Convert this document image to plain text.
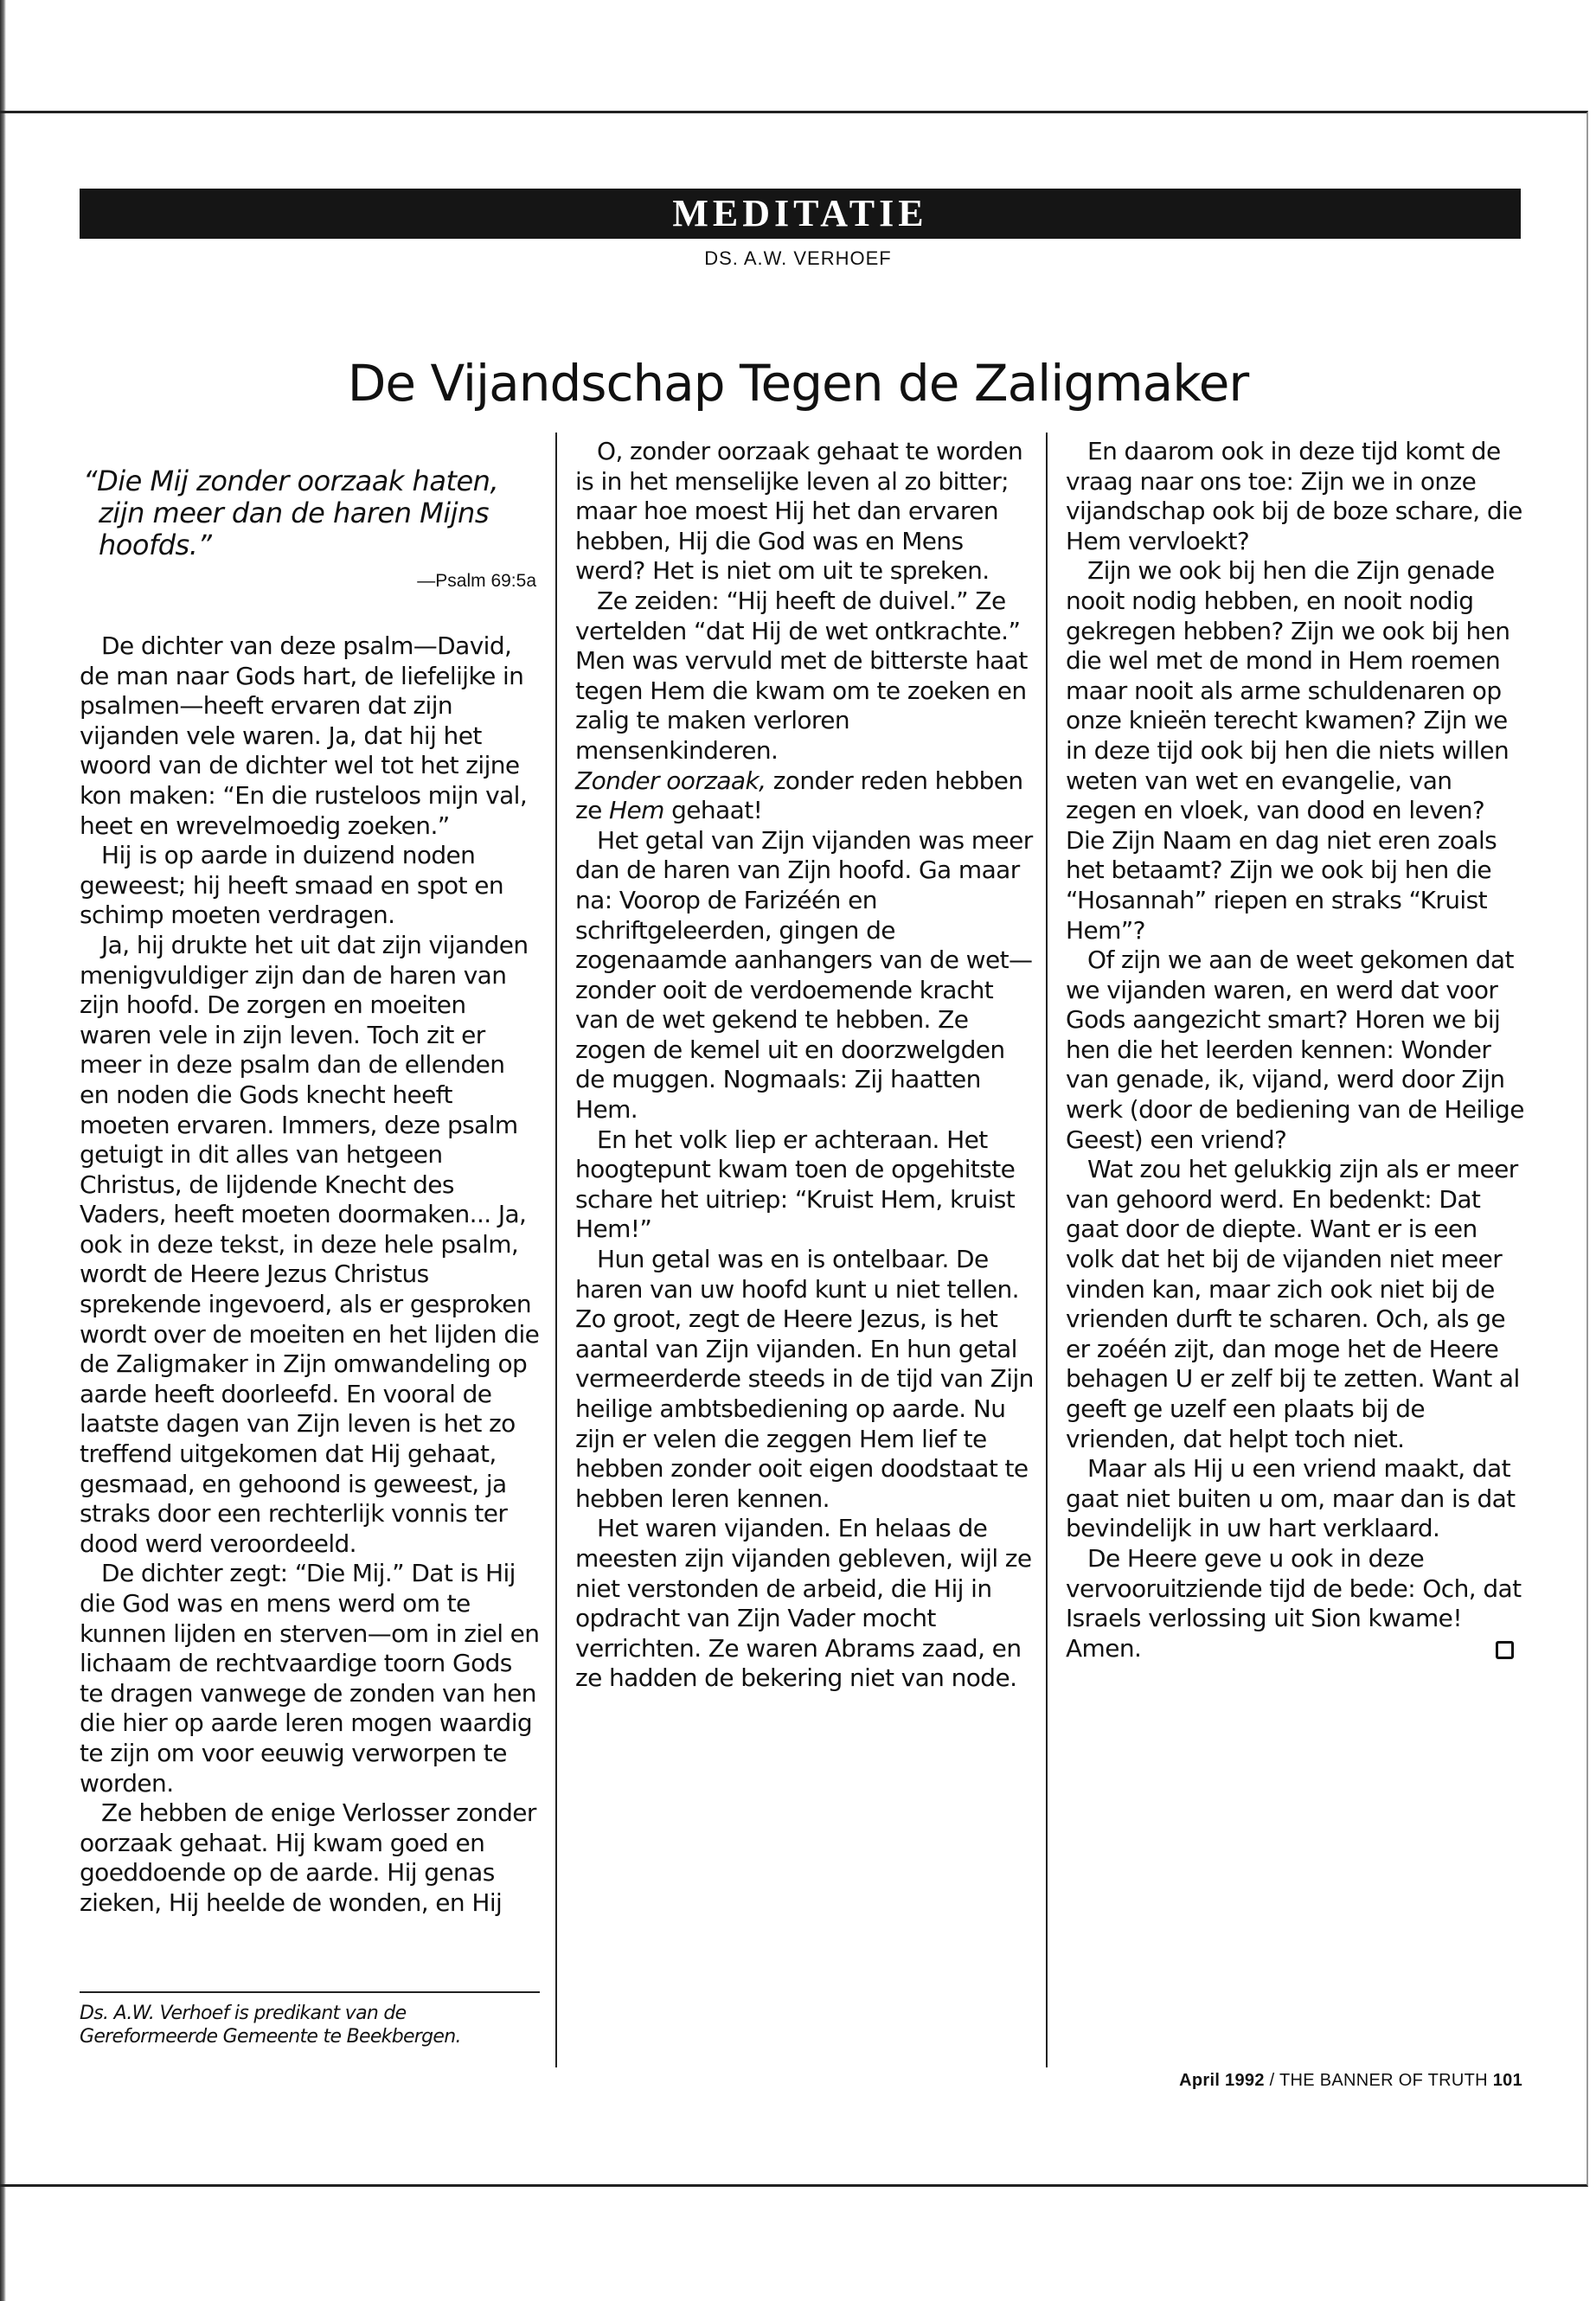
MEDITATIE
DS. A.W. VERHOEF
De Vijandschap Tegen de Zaligmaker
“Die Mij zonder oorzaak haten,
zijn meer dan de haren Mijns
hoofds.”
—Psalm 69:5a

De dichter van deze psalm—David, de man naar Gods hart, de liefelijke in psalmen—heeft ervaren dat zijn vijanden vele waren. Ja, dat hij het woord van de dichter wel tot het zijne kon maken: “En die rusteloos mijn val, heet en wrevelmoedig zoeken.”

Hij is op aarde in duizend noden geweest; hij heeft smaad en spot en schimp moeten verdragen.

Ja, hij drukte het uit dat zijn vijanden menigvuldiger zijn dan de haren van zijn hoofd. De zorgen en moeiten waren vele in zijn leven. Toch zit er meer in deze psalm dan de ellenden en noden die Gods knecht heeft moeten ervaren. Immers, deze psalm getuigt in dit alles van hetgeen Christus, de lijdende Knecht des Vaders, heeft moeten doormaken... Ja, ook in deze tekst, in deze hele psalm, wordt de Heere Jezus Christus sprekende ingevoerd, als er gesproken wordt over de moeiten en het lijden die de Zaligmaker in Zijn omwandeling op aarde heeft doorleefd. En vooral de laatste dagen van Zijn leven is het zo treffend uitgekomen dat Hij gehaat, gesmaad, en gehoond is geweest, ja straks door een rechterlijk vonnis ter dood werd veroordeeld.

De dichter zegt: “Die Mij.” Dat is Hij die God was en mens werd om te kunnen lijden en sterven—om in ziel en lichaam de rechtvaardige toorn Gods te dragen vanwege de zonden van hen die hier op aarde leren mogen waardig te zijn om voor eeuwig verworpen te worden.

Ze hebben de enige Verlosser zonder oorzaak gehaat. Hij kwam goed en goeddoende op de aarde. Hij genas zieken, Hij heelde de wonden, en Hij

Ds. A.W. Verhoef is predikant van de Gereformeerde Gemeente te Beekbergen.

O, zonder oorzaak gehaat te worden is in het menselijke leven al zo bitter; maar hoe moest Hij het dan ervaren hebben, Hij die God was en Mens werd? Het is niet om uit te spreken.

Ze zeiden: “Hij heeft de duivel.” Ze vertelden “dat Hij de wet ontkrachte.” Men was vervuld met de bitterste haat tegen Hem die kwam om te zoeken en zalig te maken verloren mensenkinderen.

Zonder oorzaak, zonder reden hebben ze Hem gehaat!

Het getal van Zijn vijanden was meer dan de haren van Zijn hoofd. Ga maar na: Voorop de Farizéén en schriftgeleerden, gingen de zogenaamde aanhangers van de wet—zonder ooit de verdoemende kracht van de wet gekend te hebben. Ze zogen de kemel uit en doorzwelgden de muggen. Nogmaals: Zij haatten Hem.

En het volk liep er achteraan. Het hoogtepunt kwam toen de opgehitste schare het uitriep: “Kruist Hem, kruist Hem!”

Hun getal was en is ontelbaar. De haren van uw hoofd kunt u niet tellen. Zo groot, zegt de Heere Jezus, is het aantal van Zijn vijanden. En hun getal vermeerderde steeds in de tijd van Zijn heilige ambtsbediening op aarde. Nu zijn er velen die zeggen Hem lief te hebben zonder ooit eigen doodstaat te hebben leren kennen.

Het waren vijanden. En helaas de meesten zijn vijanden gebleven, wijl ze niet verstonden de arbeid, die Hij in opdracht van Zijn Vader mocht verrichten. Ze waren Abrams zaad, en ze hadden de bekering niet van node.

En daarom ook in deze tijd komt de vraag naar ons toe: Zijn we in onze vijandschap ook bij de boze schare, die Hem vervloekt?

Zijn we ook bij hen die Zijn genade nooit nodig hebben, en nooit nodig gekregen hebben? Zijn we ook bij hen die wel met de mond in Hem roemen maar nooit als arme schuldenaren op onze knieën terecht kwamen? Zijn we in deze tijd ook bij hen die niets willen weten van wet en evangelie, van zegen en vloek, van dood en leven? Die Zijn Naam en dag niet eren zoals het betaamt? Zijn we ook bij hen die “Hosannah” riepen en straks “Kruist Hem”?

Of zijn we aan de weet gekomen dat we vijanden waren, en werd dat voor Gods aangezicht smart? Horen we bij hen die het leerden kennen: Wonder van genade, ik, vijand, werd door Zijn werk (door de bediening van de Heilige Geest) een vriend?

Wat zou het gelukkig zijn als er meer van gehoord werd. En bedenkt: Dat gaat door de diepte. Want er is een volk dat het bij de vijanden niet meer vinden kan, maar zich ook niet bij de vrienden durft te scharen. Och, als ge er zoéén zijt, dan moge het de Heere behagen U er zelf bij te zetten. Want al geeft ge uzelf een plaats bij de vrienden, dat helpt toch niet.

Maar als Hij u een vriend maakt, dat gaat niet buiten u om, maar dan is dat bevindelijk in uw hart verklaard.

De Heere geve u ook in deze vervooruitziende tijd de bede: Och, dat Israels verlossing uit Sion kwame! Amen.

April 1992 / THE BANNER OF TRUTH 101
